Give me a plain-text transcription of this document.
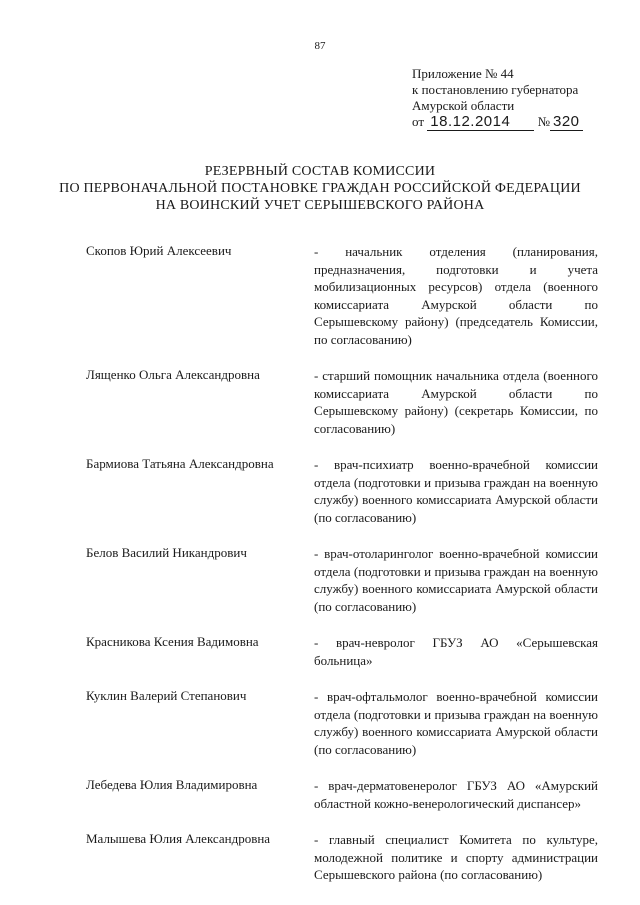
87
Приложение № 44
к постановлению губернатора
Амурской области
от 18.12.2014 № 320
РЕЗЕРВНЫЙ СОСТАВ КОМИССИИ
ПО ПЕРВОНАЧАЛЬНОЙ ПОСТАНОВКЕ ГРАЖДАН РОССИЙСКОЙ ФЕДЕРАЦИИ
НА ВОИНСКИЙ УЧЕТ СЕРЫШЕВСКОГО РАЙОНА
Скопов Юрий Алексеевич	- начальник отделения (планирования, предназначения, подготовки и учета мобилизационных ресурсов) отдела (военного комиссариата Амурской области по Серышевскому району) (председатель Комиссии, по согласованию)
Лященко Ольга Александровна	- старший помощник начальника отдела (военного комиссариата Амурской области по Серышевскому району) (секретарь Комиссии, по согласованию)
Бармиова Татьяна Александровна	- врач-психиатр военно-врачебной комиссии отдела (подготовки и призыва граждан на военную службу) военного комиссариата Амурской области (по согласованию)
Белов Василий Никандрович	- врач-отоларинголог военно-врачебной комиссии отдела (подготовки и призыва граждан на военную службу) военного комиссариата Амурской области (по согласованию)
Красникова Ксения Вадимовна	- врач-невролог ГБУЗ АО «Серышевская больница»
Куклин Валерий Степанович	- врач-офтальмолог военно-врачебной комиссии отдела (подготовки и призыва граждан на военную службу) военного комиссариата Амурской области (по согласованию)
Лебедева Юлия Владимировна	- врач-дерматовенеролог ГБУЗ АО «Амурский областной кожно-венерологический диспансер»
Малышева Юлия Александровна	- главный специалист Комитета по культуре, молодежной политике и спорту администрации Серышевского района (по согласованию)
